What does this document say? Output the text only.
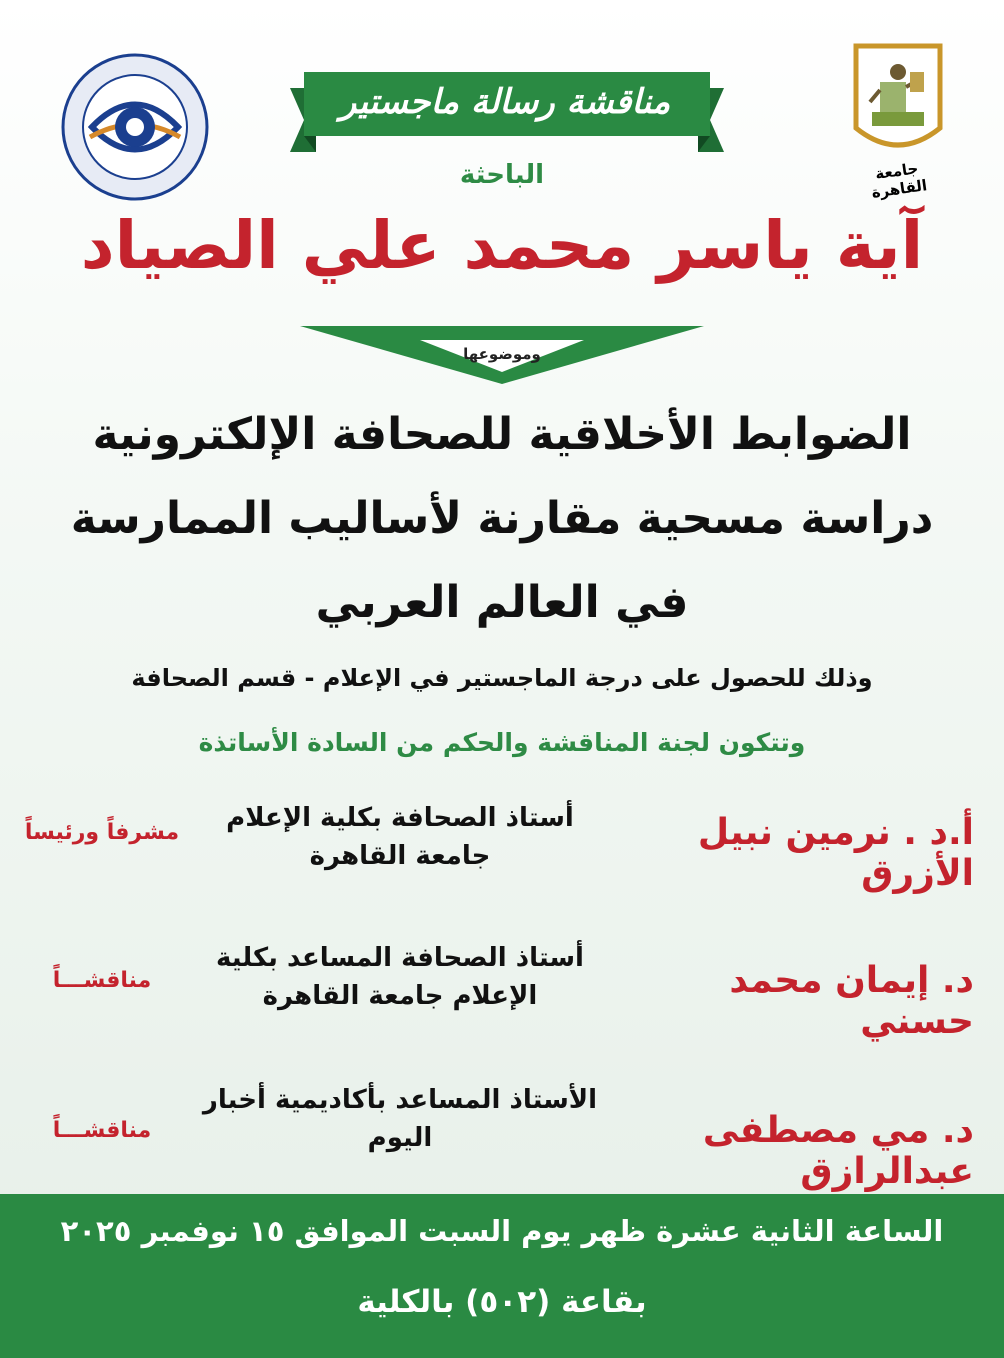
جامعة القاهرة
مناقشة رسالة ماجستير
الباحثة
آية ياسر محمد علي الصياد
وموضوعها
الضوابط الأخلاقية للصحافة الإلكترونية
دراسة مسحية مقارنة لأساليب الممارسة
في العالم العربي
وذلك للحصول على درجة الماجستير في الإعلام - قسم الصحافة
وتتكون لجنة المناقشة والحكم من السادة الأساتذة
أ.د . نرمين نبيل الأزرق
أستاذ الصحافة بكلية الإعلام
جامعة القاهرة
مشرفاً ورئيساً
د. إيمان محمد حسني
أستاذ الصحافة المساعد بكلية
الإعلام جامعة القاهرة
مناقشـــاً
د. مي مصطفى عبدالرازق
الأستاذ المساعد بأكاديمية أخبار
اليوم
مناقشـــاً
الساعة الثانية عشرة ظهر يوم السبت الموافق ١٥ نوفمبر ٢٠٢٥
بقاعة (٥٠٢) بالكلية
